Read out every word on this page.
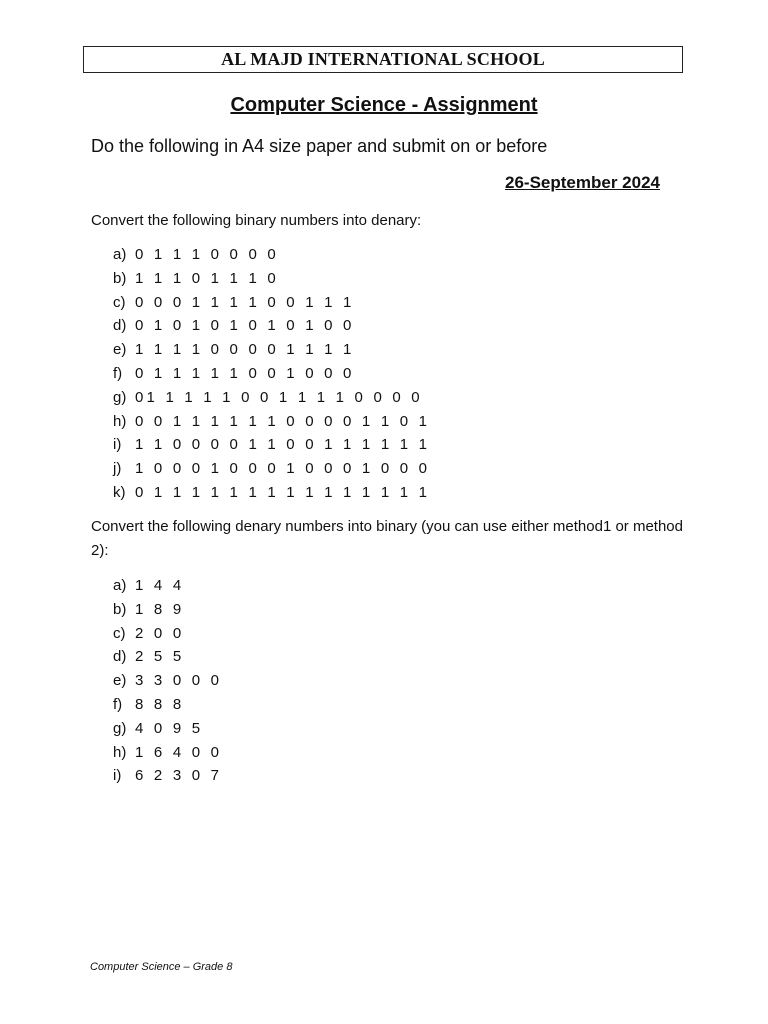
AL MAJD INTERNATIONAL SCHOOL
Computer Science - Assignment
Do the following in A4 size paper and submit on or before
26-September 2024
Convert the following binary numbers into denary:
a) 0 1 1 1 0 0 0 0
b) 1 1 1 0 1 1 1 0
c) 0 0 0 1 1 1 1 0 0 1 1 1
d) 0 1 0 1 0 1 0 1 0 1 0 0
e) 1 1 1 1 0 0 0 0 1 1 1 1
f) 0 1 1 1 1 1 0 0 1 0 0 0
g) 01 1 1 1 1 0 0 1 1 1 1 0 0 0 0
h) 0 0 1 1 1 1 1 1 0 0 0 0 1 1 0 1
i) 1 1 0 0 0 0 1 1 0 0 1 1 1 1 1 1
j) 1 0 0 0 1 0 0 0 1 0 0 0 1 0 0 0
k) 0 1 1 1 1 1 1 1 1 1 1 1 1 1 1 1
Convert the following denary numbers into binary (you can use either method1 or method 2):
a) 1 4 4
b) 1 8 9
c) 2 0 0
d) 2 5 5
e) 3 3 0 0 0
f) 8 8 8
g) 4 0 9 5
h) 1 6 4 0 0
i) 6 2 3 0 7
Computer Science – Grade 8
